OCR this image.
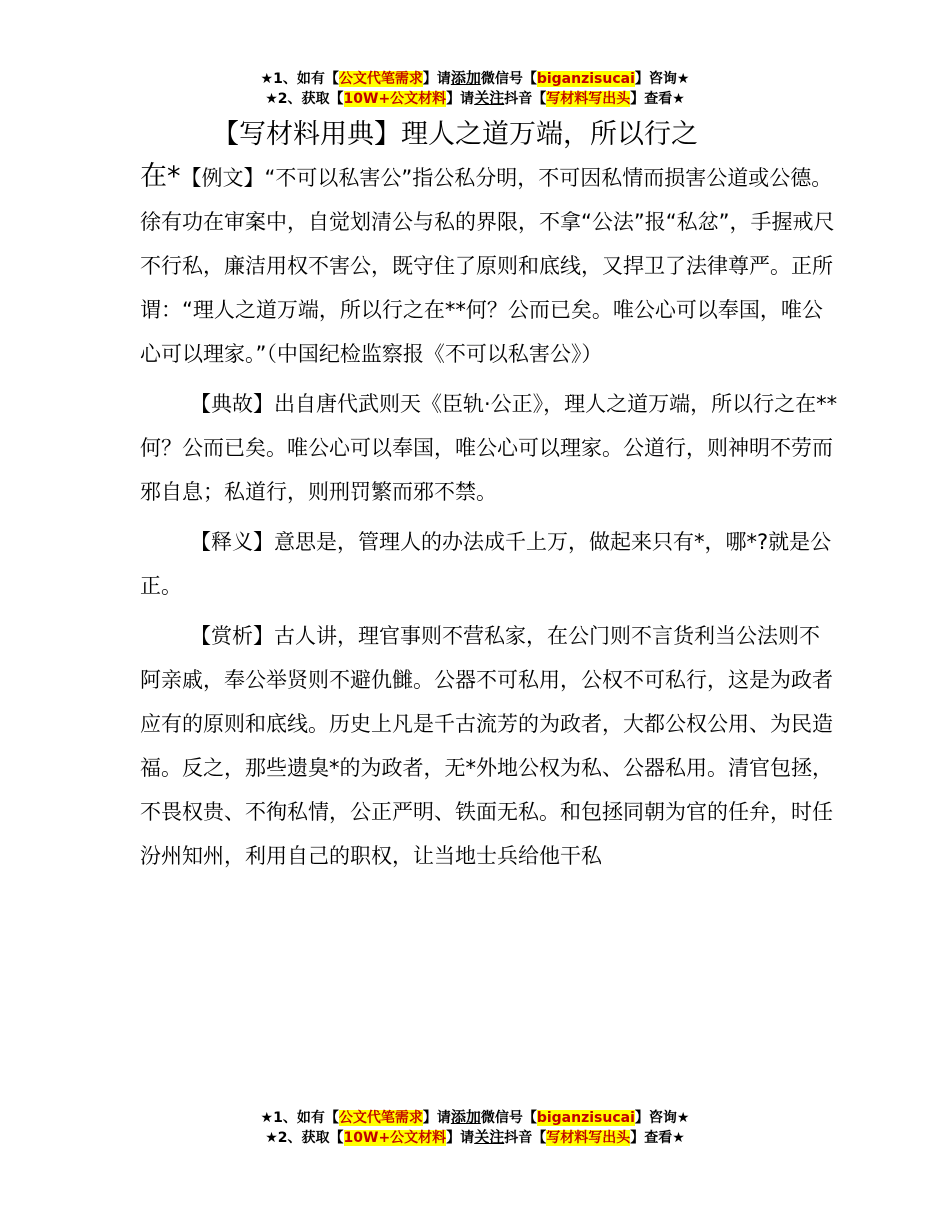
★1、如有【公文代笔需求】请添加微信号【biganzisucai】咨询★
★2、获取【10W+公文材料】请关注抖音【写材料写出头】查看★

【写材料用典】理人之道万端，所以行之

在*【例文】“不可以私害公”指公私分明，不可因私情而损害公道或公德。徐有功在审案中，自觉划清公与私的界限，不拿“公法”报“私忿”，手握戒尺不行私，廉洁用权不害公，既守住了原则和底线，又捍卫了法律尊严。正所谓：“理人之道万端，所以行之在**何？公而已矣。唯公心可以奉国，唯公心可以理家。”（中国纪检监察报《不可以私害公》）

【典故】出自唐代武则天《臣轨·公正》，理人之道万端，所以行之在**何？公而已矣。唯公心可以奉国，唯公心可以理家。公道行，则神明不劳而邪自息；私道行，则刑罚繁而邪不禁。

【释义】意思是，管理人的办法成千上万，做起来只有*，哪*?就是公正。

【赏析】古人讲，理官事则不营私家，在公门则不言货利当公法则不阿亲戚，奉公举贤则不避仇雠。公器不可私用，公权不可私行，这是为政者应有的原则和底线。历史上凡是千古流芳的为政者，大都公权公用、为民造福。反之，那些遗臭*的为政者，无*外地公权为私、公器私用。清官包拯，不畏权贵、不徇私情，公正严明、铁面无私。和包拯同朝为官的任弁，时任汾州知州，利用自己的职权，让当地士兵给他干私

★1、如有【公文代笔需求】请添加微信号【biganzisucai】咨询★
★2、获取【10W+公文材料】请关注抖音【写材料写出头】查看★
